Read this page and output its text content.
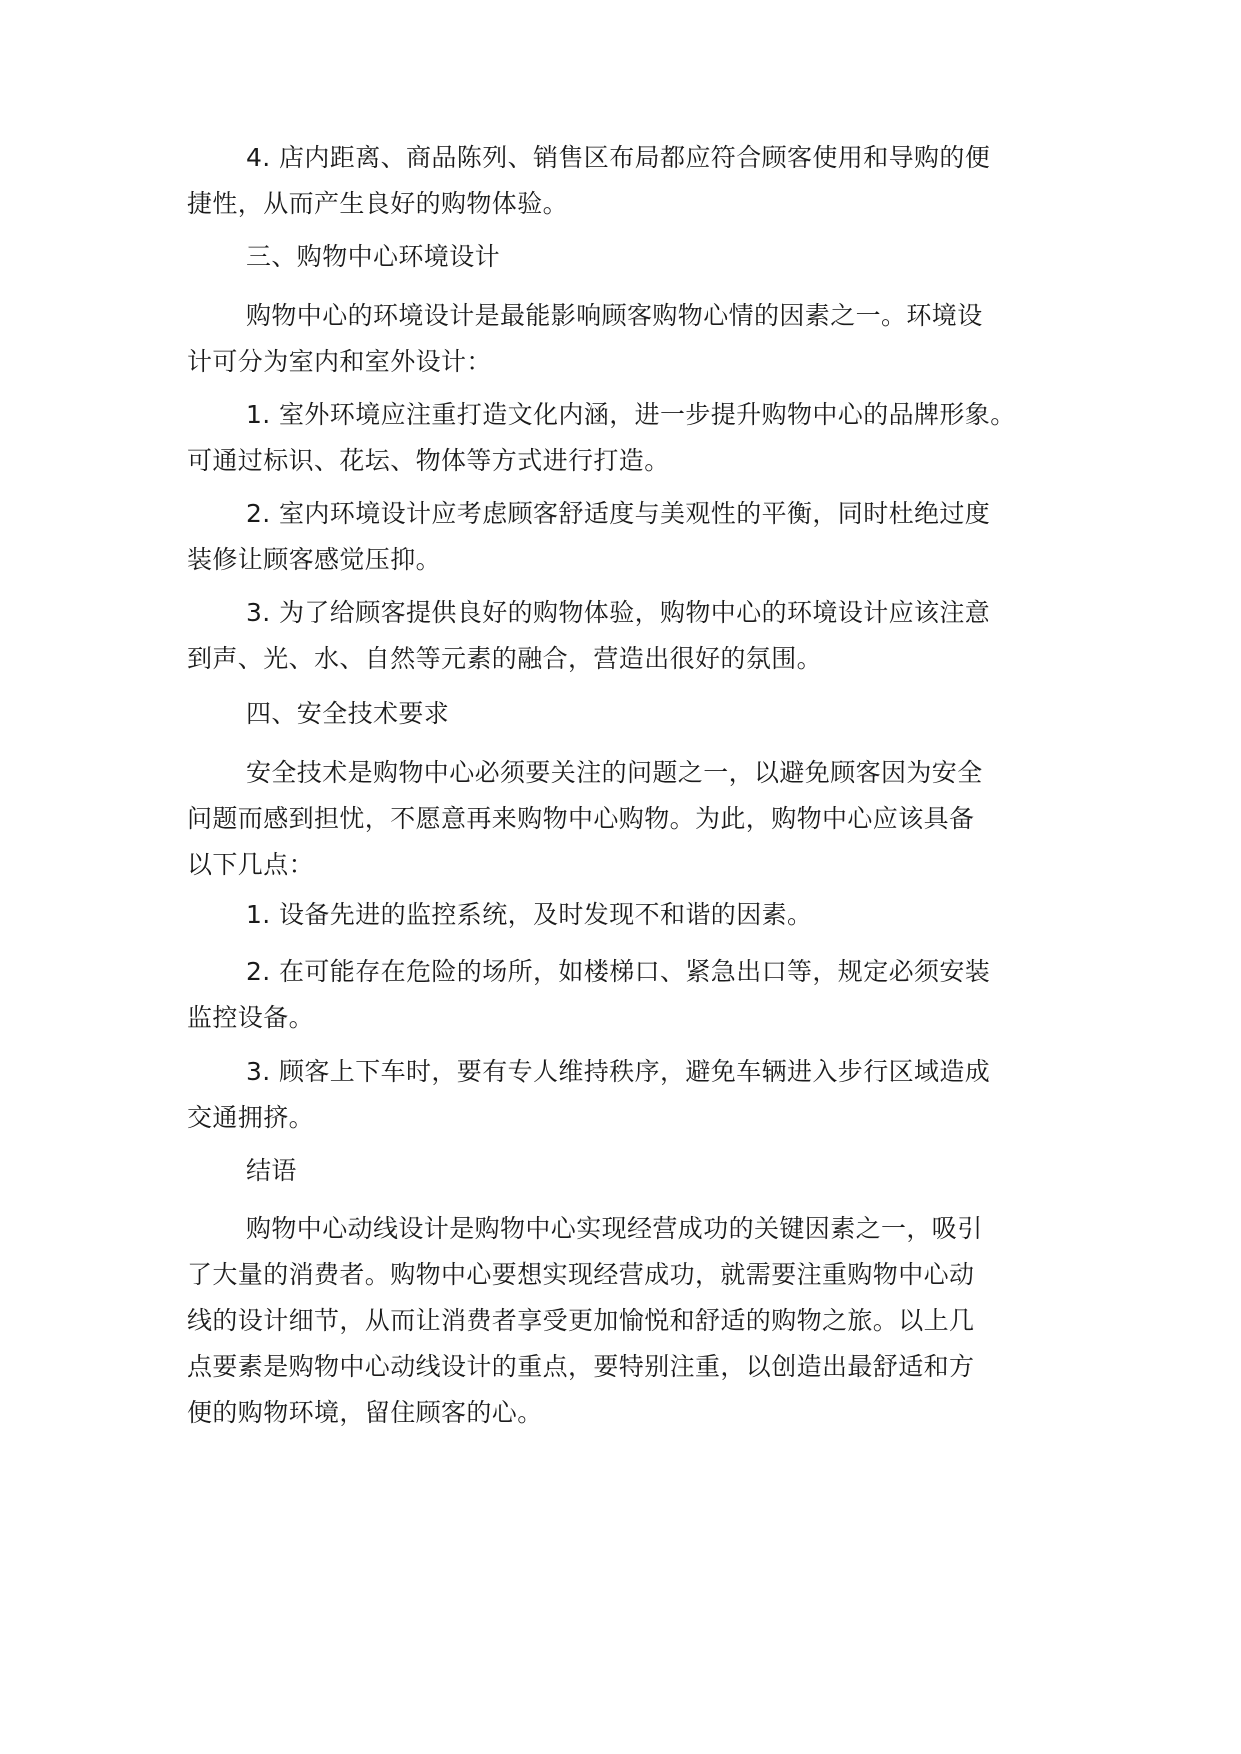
4. 店内距离、商品陈列、销售区布局都应符合顾客使用和导购的便
捷性，从而产生良好的购物体验。
三、购物中心环境设计
购物中心的环境设计是最能影响顾客购物心情的因素之一。环境设
计可分为室内和室外设计：
1. 室外环境应注重打造文化内涵，进一步提升购物中心的品牌形象。
可通过标识、花坛、物体等方式进行打造。
2. 室内环境设计应考虑顾客舒适度与美观性的平衡，同时杜绝过度
装修让顾客感觉压抑。
3. 为了给顾客提供良好的购物体验，购物中心的环境设计应该注意
到声、光、水、自然等元素的融合，营造出很好的氛围。
四、安全技术要求
安全技术是购物中心必须要关注的问题之一，以避免顾客因为安全
问题而感到担忧，不愿意再来购物中心购物。为此，购物中心应该具备
以下几点：
1. 设备先进的监控系统，及时发现不和谐的因素。
2. 在可能存在危险的场所，如楼梯口、紧急出口等，规定必须安装
监控设备。
3. 顾客上下车时，要有专人维持秩序，避免车辆进入步行区域造成
交通拥挤。
结语
购物中心动线设计是购物中心实现经营成功的关键因素之一，吸引
了大量的消费者。购物中心要想实现经营成功，就需要注重购物中心动
线的设计细节，从而让消费者享受更加愉悦和舒适的购物之旅。以上几
点要素是购物中心动线设计的重点，要特别注重，以创造出最舒适和方
便的购物环境，留住顾客的心。
